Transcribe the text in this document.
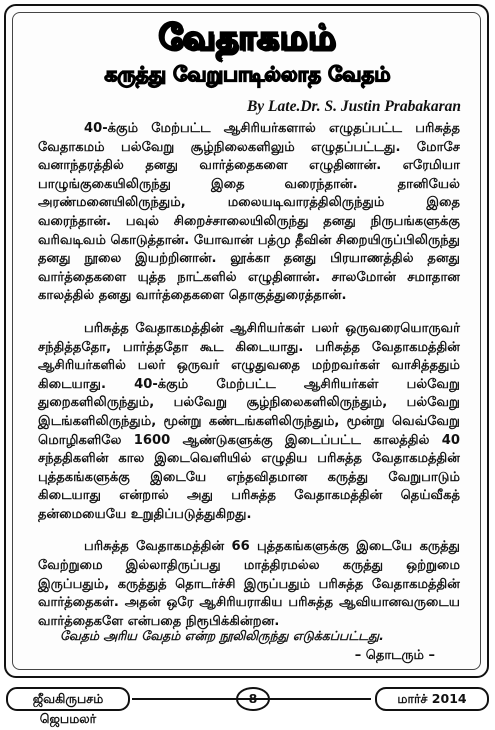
வேதாகமம்
கருத்து வேறுபாடில்லாத வேதம்
By Late.Dr. S. Justin Prabakaran

40-க்கும் மேற்பட்ட ஆசிரியர்களால் எழுதப்பட்ட பரிசுத்த வேதாகமம் பல்வேறு சூழ்நிலைகளிலும் எழுதப்பட்டது. மோசே வனாந்தரத்தில் தனது வார்த்தைகளை எழுதினான். எரேமியா பாழுங்குகையிலிருந்து இதை வரைந்தான். தானியேல் அரண்மனையிலிருந்தும், மலையடிவாரத்திலிருந்தும் இதை வரைந்தான். பவுல் சிறைச்சாலையிலிருந்து தனது நிருபங்களுக்கு வரிவடிவம் கொடுத்தான். யோவான் பத்மு தீவின் சிறையிருப்பிலிருந்து தனது நூலை இயற்றினான். லூக்கா தனது பிரயாணத்தில் தனது வார்த்தைகளை யுத்த நாட்களில் எழுதினான். சாலமோன் சமாதான காலத்தில் தனது வார்த்தைகளை தொகுத்துரைத்தான்.

பரிசுத்த வேதாகமத்தின் ஆசிரியர்கள் பலர் ஒருவரையொருவர் சந்தித்ததோ, பார்த்ததோ கூட கிடையாது. பரிசுத்த வேதாகமத்தின் ஆசிரியர்களில் பலர் ஒருவர் எழுதுவதை மற்றவர்கள் வாசித்ததும் கிடையாது. 40-க்கும் மேற்பட்ட ஆசிரியர்கள் பல்வேறு துறைகளிலிருந்தும், பல்வேறு சூழ்நிலைகளிலிருந்தும், பல்வேறு இடங்களிலிருந்தும், மூன்று கண்டங்களிலிருந்தும், மூன்று வெவ்வேறு மொழிகளிலே 1600 ஆண்டுகளுக்கு இடைப்பட்ட காலத்தில் 40 சந்ததிகளின் கால இடைவெளியில் எழுதிய பரிசுத்த வேதாகமத்தின் புத்தகங்களுக்கு இடையே எந்தவிதமான கருத்து வேறுபாடும் கிடையாது என்றால் அது பரிசுத்த வேதாகமத்தின் தெய்வீகத் தன்மையையே உறுதிப்படுத்துகிறது.

பரிசுத்த வேதாகமத்தின் 66 புத்தகங்களுக்கு இடையே கருத்து வேற்றுமை இல்லாதிருப்பது மாத்திரமல்ல கருத்து ஒற்றுமை இருப்பதும், கருத்துத் தொடர்ச்சி இருப்பதும் பரிசுத்த வேதாகமத்தின் வார்த்தைகள். அதன் ஒரே ஆசிரியராகிய பரிசுத்த ஆவியானவருடைய வார்த்தைகளே என்பதை நிரூபிக்கின்றன.

வேதம் அரிய வேதம் என்ற நூலிலிருந்து எடுக்கப்பட்டது.
– தொடரும் –
ஜீவகிருபசம் ஜெபமலர்
8	மார்ச் 2014
